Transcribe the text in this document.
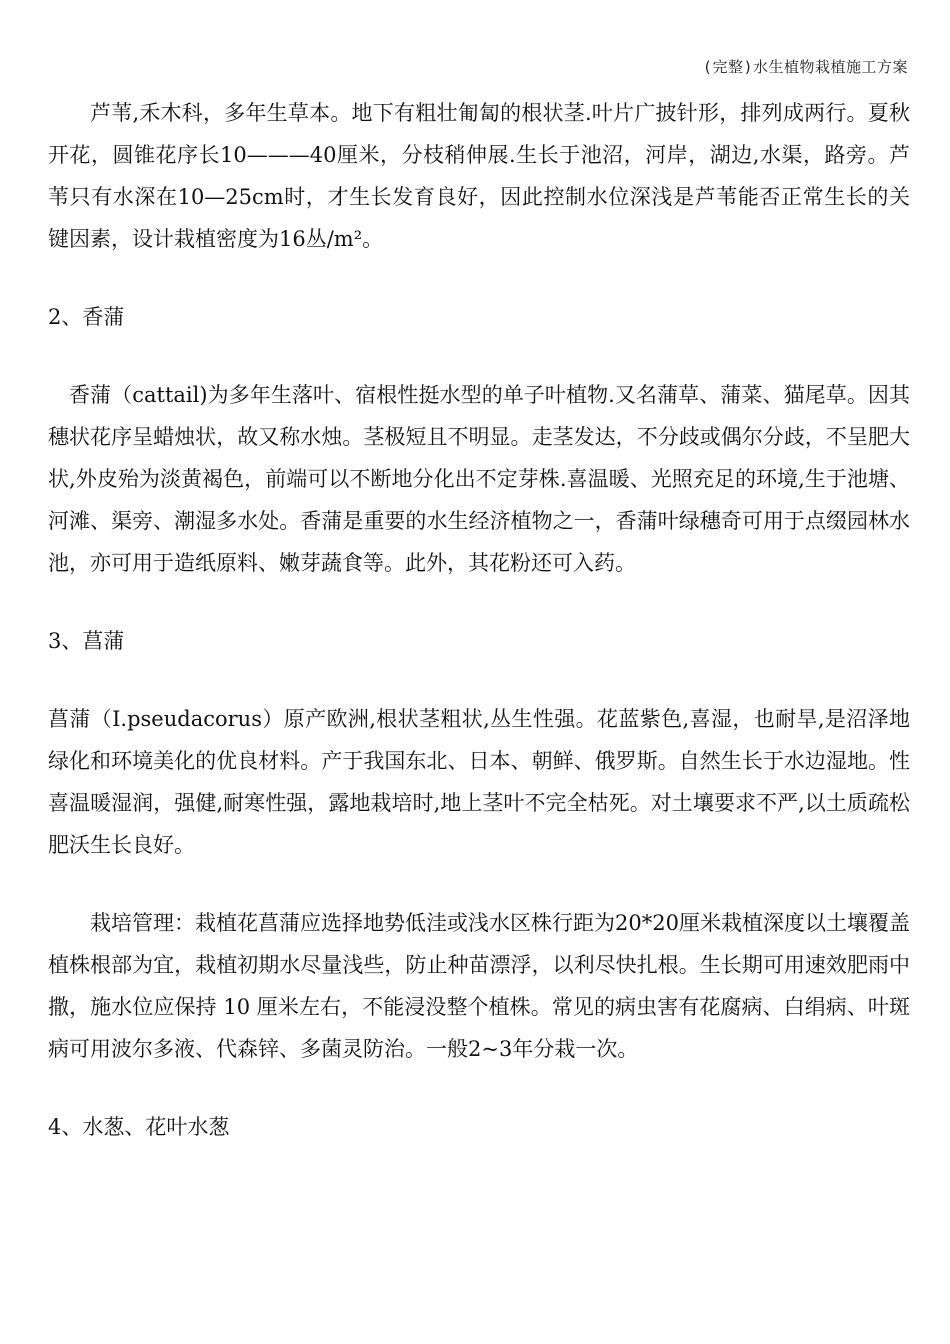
(完整)水生植物栽植施工方案

芦苇,禾木科，多年生草本。地下有粗壮匍匐的根状茎.叶片广披针形，排列成两行。夏秋开花，圆锥花序长10———40厘米，分枝稍伸展.生长于池沼，河岸，湖边,水渠，路旁。芦苇只有水深在10—25cm时，才生长发育良好，因此控制水位深浅是芦苇能否正常生长的关键因素，设计栽植密度为16丛/m²。

2、香蒲

香蒲（cattail)为多年生落叶、宿根性挺水型的单子叶植物.又名蒲草、蒲菜、猫尾草。因其穗状花序呈蜡烛状，故又称水烛。茎极短且不明显。走茎发达，不分歧或偶尔分歧，不呈肥大状,外皮殆为淡黄褐色，前端可以不断地分化出不定芽株.喜温暖、光照充足的环境,生于池塘、河滩、渠旁、潮湿多水处。香蒲是重要的水生经济植物之一，香蒲叶绿穗奇可用于点缀园林水池，亦可用于造纸原料、嫩芽蔬食等。此外，其花粉还可入药。

3、菖蒲

菖蒲（I.pseudacorus）原产欧洲,根状茎粗状,丛生性强。花蓝紫色,喜湿，也耐旱,是沼泽地绿化和环境美化的优良材料。产于我国东北、日本、朝鲜、俄罗斯。自然生长于水边湿地。性喜温暖湿润，强健,耐寒性强，露地栽培时,地上茎叶不完全枯死。对土壤要求不严,以土质疏松肥沃生长良好。

栽培管理：栽植花菖蒲应选择地势低洼或浅水区株行距为20*20厘米栽植深度以土壤覆盖植株根部为宜，栽植初期水尽量浅些，防止种苗漂浮，以利尽快扎根。生长期可用速效肥雨中撒，施水位应保持 10 厘米左右，不能浸没整个植株。常见的病虫害有花腐病、白绢病、叶斑病可用波尔多液、代森锌、多菌灵防治。一般2~3年分栽一次。

4、水葱、花叶水葱
